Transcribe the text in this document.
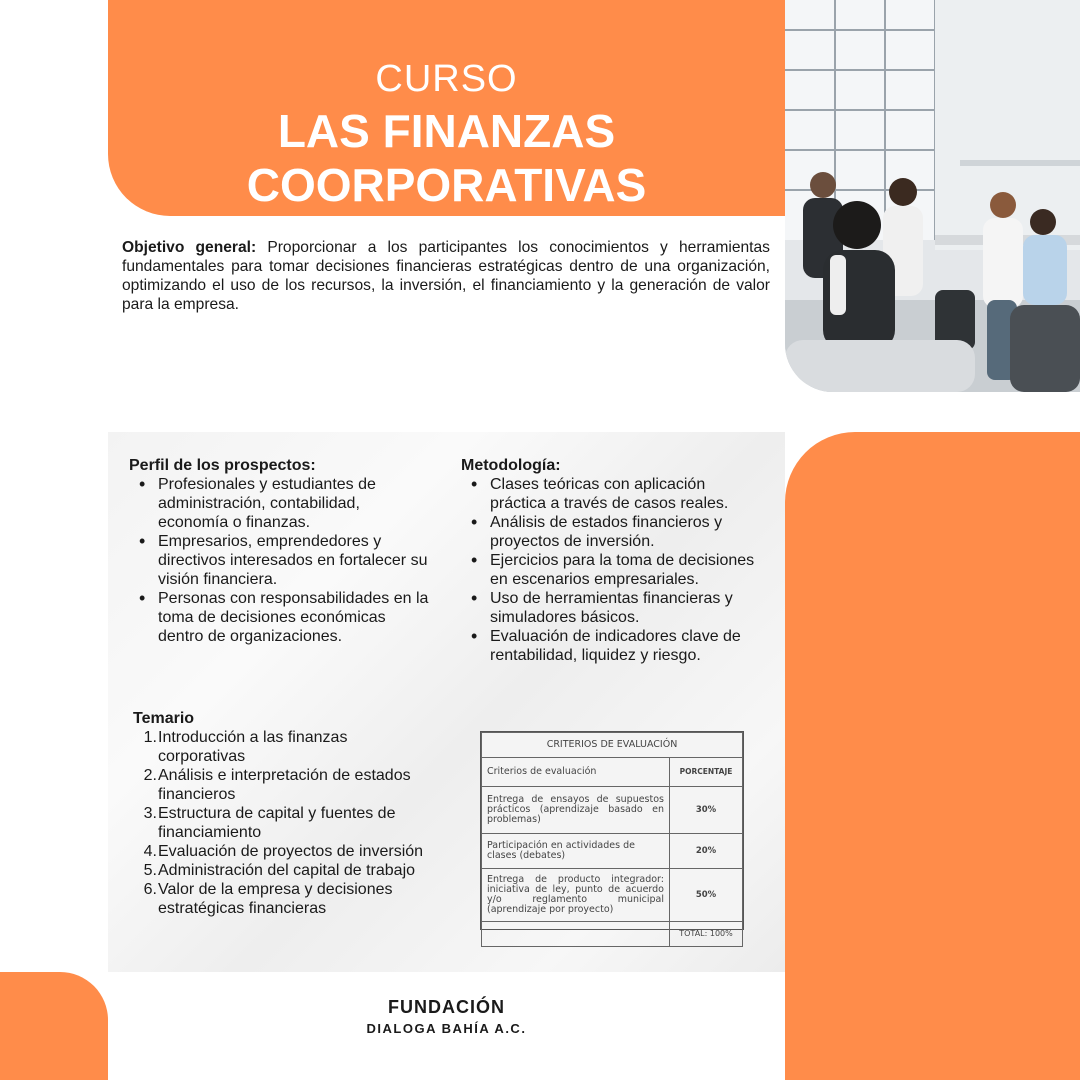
CURSO
LAS FINANZAS
COORPORATIVAS
Objetivo general: Proporcionar a los participantes los conocimientos y herramientas fundamentales para tomar decisiones financieras estratégicas dentro de una organización, optimizando el uso de los recursos, la inversión, el financiamiento y la generación de valor para la empresa.
Perfil de los prospectos:
• Profesionales y estudiantes de administración, contabilidad, economía o finanzas.
• Empresarios, emprendedores y directivos interesados en fortalecer su visión financiera.
• Personas con responsabilidades en la toma de decisiones económicas dentro de organizaciones.
Metodología:
• Clases teóricas con aplicación práctica a través de casos reales.
• Análisis de estados financieros y proyectos de inversión.
• Ejercicios para la toma de decisiones en escenarios empresariales.
• Uso de herramientas financieras y simuladores básicos.
• Evaluación de indicadores clave de rentabilidad, liquidez y riesgo.
Temario
1. Introducción a las finanzas corporativas
2. Análisis e interpretación de estados financieros
3. Estructura de capital y fuentes de financiamiento
4. Evaluación de proyectos de inversión
5. Administración del capital de trabajo
6. Valor de la empresa y decisiones estratégicas financieras
CRITERIOS DE EVALUACIÓN	
Criterios de evaluación	PORCENTAJE
Entrega de ensayos de supuestos prácticos (aprendizaje basado en problemas)	30%
Participación en actividades de clases (debates)	20%
Entrega de producto integrador: iniciativa de ley, punto de acuerdo y/o reglamento municipal (aprendizaje por proyecto)	50%
	TOTAL: 100%
FUNDACIÓN
DIALOGA BAHÍA A.C.
